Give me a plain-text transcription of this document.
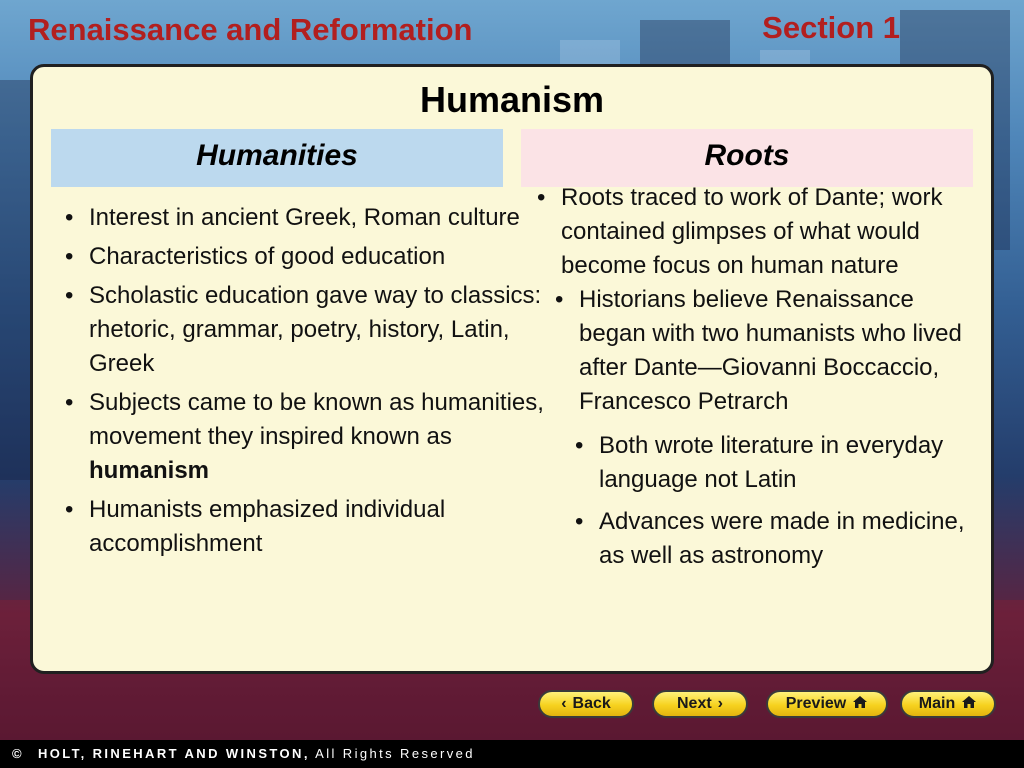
Renaissance and Reformation	Section 1
Humanism
Humanities	Roots
• Interest in ancient Greek, Roman culture
• Characteristics of good education
• Scholastic education gave way to classics: rhetoric, grammar, poetry, history, Latin, Greek
• Subjects came to be known as humanities, movement they inspired known as humanism
• Humanists emphasized individual accomplishment
• Roots traced to work of Dante; work contained glimpses of what would become focus on human nature
• Historians believe Renaissance began with two humanists who lived after Dante—Giovanni Boccaccio, Francesco Petrarch
• Both wrote literature in everyday language not Latin
• Advances were made in medicine, as well as astronomy
‹ Back	Next ›	Preview	Main
© HOLT, RINEHART AND WINSTON, All Rights Reserved
